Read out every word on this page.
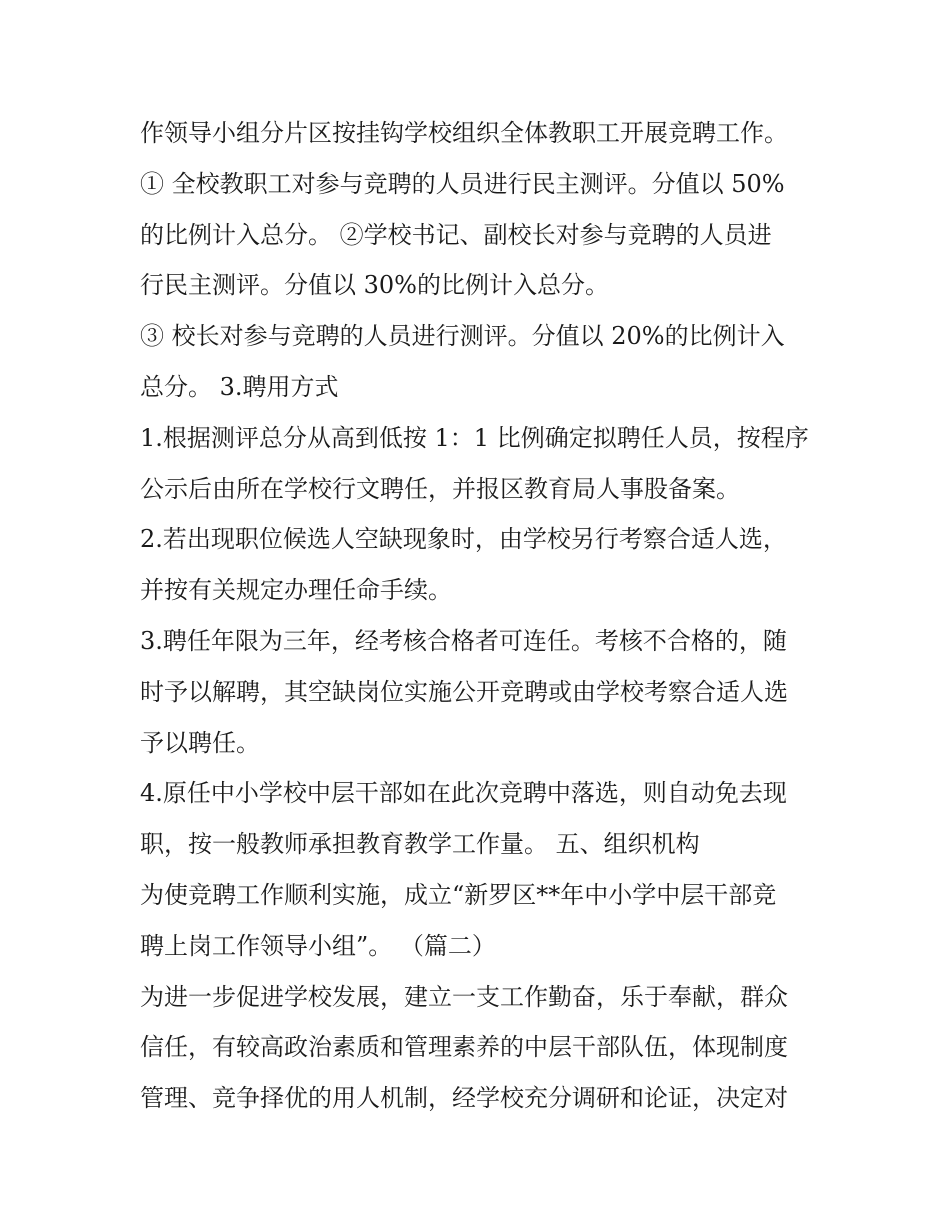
作领导小组分片区按挂钩学校组织全体教职工开展竞聘工作。
① 全校教职工对参与竞聘的人员进行民主测评。分值以 50%
的比例计入总分。 ②学校书记、副校长对参与竞聘的人员进
行民主测评。分值以 30%的比例计入总分。
③ 校长对参与竞聘的人员进行测评。分值以 20%的比例计入
总分。 3.聘用方式
1.根据测评总分从高到低按 1：1 比例确定拟聘任人员，按程序
公示后由所在学校行文聘任，并报区教育局人事股备案。
2.若出现职位候选人空缺现象时，由学校另行考察合适人选，
并按有关规定办理任命手续。
3.聘任年限为三年，经考核合格者可连任。考核不合格的，随
时予以解聘，其空缺岗位实施公开竞聘或由学校考察合适人选
予以聘任。
4.原任中小学校中层干部如在此次竞聘中落选，则自动免去现
职，按一般教师承担教育教学工作量。 五、组织机构
为使竞聘工作顺利实施，成立“新罗区**年中小学中层干部竞
聘上岗工作领导小组”。 （篇二）
为进一步促进学校发展，建立一支工作勤奋，乐于奉献，群众
信任，有较高政治素质和管理素养的中层干部队伍，体现制度
管理、竞争择优的用人机制，经学校充分调研和论证，决定对
